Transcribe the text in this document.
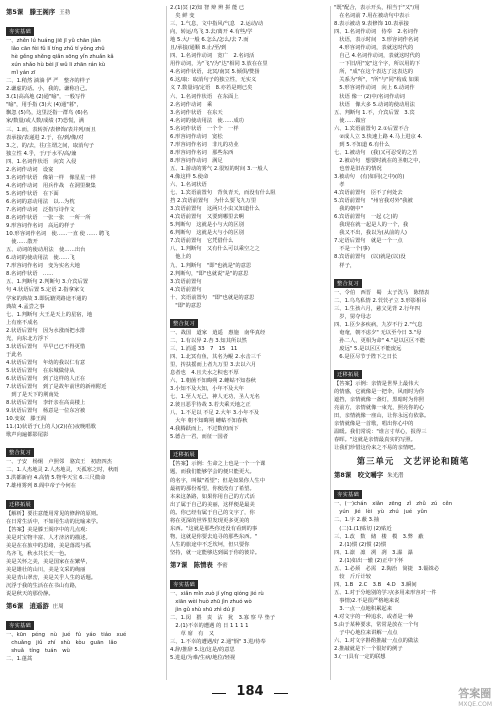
第5课　滕王阁序 王勃
夯实基础
一、zhěn lú huáng jiē jī yǔ chān jiàn
　lǎo cān fèi fǔ lí tíng zhǔ tí yǒng zhǔ
　hè gěng shěng qiǎn sōng yǐn zhuǎn kǎ
　xún shǎo hù bèi jī wǔ li zhān rán kù
　mǐ yán zī
二、1.稍然 淌淌 俨 严　整齐的样子
2.谦虚的话。小，我的。谦称自己。
3.(1)高高地 (2)通"喻"，一般写作
"喻"，用手指 (3)大 (4)通"暮"，
飘忽 (5)鸟，这里泛指一群鸟 (6)名
家/数量/或人数/成绩 (7)恐慌，满
三、1.而，表转折/表修饰/表并列/而且
表承接/表递进 2.于，在/到/像/对
3.之，的/去，往/主谓之间，取消句子
独立性 4.乎，于/于水平/高/兼
四、1.名词作状语　向宾 入侵
2.名词作动词　设宴
3.名词作状语　像第一样　像星星一样
4.名词作动词　用兵作战　在洞里聚集
5.名词作状语　在下面
6.名词的意动用法　以…为枕
7.名词作动词　泛指写诗作文
8.名词作状语　一张一张　一所一所
9.形容词作名词　高远的样子
10.形容词作名词　使……一直 使 …… 聘飞
　使……散开
五、动词的使动用法　使……出台
6.动词的使动用法　使……飞
7.形容词作名词　变为实名大地
8.名词作状语　……
五、1.判断句 2.判断句 3.介宾后置
句 4.状语后置 5.定语 2.指拿家文
学家的典故 3.即阮籍哭路途不通的
典故 4.孟尝之事
七、1.判断句 大王是天上的星宿，地
上有座不成名
2.状语后置句　因为水涨而把水排
光，向东北方浮下
3.状语后置句　早早已已不得更惜
于此名
4.状语后置句　年幼的我以仁有意
5.状语后置句　在东城做侍从
6.状语后置句　到了这样的人正在
7.状语后置句　到了是故年前世的新州附近
　到了是天下的荆南处
8.状语后置句　李轩亲在高高楼上
9.状语后置句　杨意是一位东宫被
10.变叙　滕王阁
11.(1)状语于(上的人)(2)(在)夜晚唱歌
歌声向遍都影尾影
整合复习
一、子安　杨炯　卢照邻　骆宾王　初唐四杰
二、1.人杰地灵 2.人杰地灵，天孤寒之时，秋雨
3.洪都新府 4.高情 5.物华天宝 6.三尺微命
7.雄州雾列 8.阁中帝子今何在
迁移拓展
【解析】要注意能用常见的修辞的原则。
在日常生活中，不如用生动的比喻来学。
【答案】美是滕王阁序中的几点观：
美是对宝物丰富、人才济济的描述。
美是在在旅中的思绪，美是落霞与孤
鸟齐飞，秋水共长天一色。
美是关怀之美，美是国家在在繁华，
美是雄壮的山川，美是文采的绚丽
美是青山翠峦，美是关乎人生的话题。
沉浮于我的生活在在书山有路，
说是秋天的那份静。
第6课　逍遥游 庄周
夯实基础
一、kūn　péng　nù　jué　fú　yáo　tiáo　xué
　chuǎng　jiǔ　zhí　shù　kòu　guān　lǎo
　shuǎ　tíng　tuán　wù
二、1.蓬蒿
2.(1)冥 (2)知 智 辩 辨 拼 能 已
　矣 鲜 变
三、1.气息，文中指风/气息　2.运动/动
向，转运/鸟飞 3.去/离开 4.有些/学
地 5.大/一般 6.怎么/怎么/去 7.而
且/承接/通顺 8.止/至/到
四、1.名词作动词　宽广　2.名词活
用作动词，为"飞"/为"达"相同 3.放在在里
4.名词作状语，北冥/南冥 5.倾俱/赞扬
6.这/取：取消句子的独立性，无实义
义 7.数量词/定语　8.亦若是则已矣
六、1.名词作状语　在东面上
2.名词作动词　乘
3.名词作状语　在东天
4.名词的使动用法　使……成功
5.名词作状语　一个个　一样
6.形容词作动词　宽松
7.形容词作名词　非凡的功业
8.形容词作名词　那些东西
8.形容词作动词　满足
五、1.游动的雾气 2.很短的时间 3.一般人
4.像这样 5.使命
六、1.名词状语
七、1.宾语前置句　背负青天，而没有什么阻
挡 2.宾语前置句　为什么要飞九万里
3.宾语前置句　这两只小虫又知道什么
4.宾语前置句　又要到哪里去啊
5.判断句　这就是小与大的区别
6.判断句　这就是大与小的区别
7.宾语前置句　它凭借什么
八、1.判断句　又有什么可以乘空之之
　他上的
九、1.判断句　"即"也就是"的意思
2.判断句，"即"也就说"是"的意思
3.宾语前置句
4.宾语前置句
十、宾语前置句　"即"也就是的意思
　"即"的意思
整合复习
一、战国　道家　逍遥　惠施　南华真经
二、1.有以异 2.杏 3.知其所以然
三、1.消遥 33　7　15　11
四、1.北冥有鱼，其名为鲲 2.水击三千
里，抟扶摇而上者九万里 3.去以六月
息者也　4.且夫水之积也不厚
六、1.朝菌不知晦朔 2.蟪蛄不知春秋
3.小知不及大知，小年不及大年
七、1.至人无己，神人无功，圣人无名
2.彼且恶乎待哉 3.若夫乘天地之正
八、1.不足以 不足 2.大年 3.小年不及
　大年 朝不知晦朔 蟪蛄不知春秋
4.我腾跃而上，不过数仞而下
5.德合一君，而征一国者
迁移拓展
【答案】示例：生命之上也是一个一个课
题，而我们能够学会的便只能更大。
的名字，叫做"希望"；但是如果你人生中
最初的那份希望，你便没有了希望。
本来这条路，如果你用自己的方式活
出了属于自己的美丽，这样便是最美
的。你已经有属于自己的文字了，你
将在更深的世界里发现更多更美的
东西。"这就是那些你还没有看到的事
物，这就是你要去追寻的那些东西。"
人生的旅途中不乏坎坷，但只要你
坚持，就一定能够达到属于你的彼岸。
第7课　陈情表 李密
夯实基础
一、xiǎn mǐn zuò jí yīng qióng jié rù
　xiān wèi huò zhū jìn zhuó wò
　jìn gǔ shù shū zhì dú jī
二、1.闵　猥　责　沾　犹　3.寡 察 早 垫子
　2.(1)不幸的遭遇 的 日 1 1 1 1
　　草 席　有　又
三、1.不幸的遭遇/好 2.通"悯" 3.进/侍奉
4.辞/推辞 5.这/这是/的意思
5.进退/为难/生病/地位/轻视
"既"配合，表示开头，相当于"又"/用
　在名词前 7.用在被动句中表示
8.表示被动 9.表修饰 10.表承接
四、1.名词作动词　侍奉　2.名词作
　状语，表示时间　3.形容词作名词
　4.形容词作动词，表就这时代的
　自己 4.名词作动词，表就这时代的
　一下旧/用"宠"这个字，所以用的下
　所，"成"在这个表达了这表达的
　关系为"所"，"所"与"同"构成 如果
　5.形容词作动词　向上 6.动词作
　状语 像一 (2)中/名词作动词
　状语　像大多 5.动词的使动用法
五、判断句 1.不，介宾后置　3.宾
　使……做官
六、1.宾语前置句 2.①后置不合
　②成人立 3.快速上路 4.马上进京 4.
　到 5.不知道 6.有什么
七、1.被动句　(我)又可忍受的之苦
　2.被动句　想要时就在的圣朝之中，
　也曾是旧在的情况
3.被动句　(有)如同(之中)(的)
　孝
4.宾语前置句　臣不了何处去
5.宾语前置句　"州官我对外"我被
　我的朝中"
6.宾语前置句　一起 (之)的
　我现在就一起是人的一个，我
　我又不出，我以为(从前的人)
7.定语后置句　就是一个一点
　不是一个(事)
8.宾语前置句　(以)就是(以)没
　样子，
整合复习
一、令伯　西晋　蜀　太子洗马　陈情表
二、1.乌鸟私情 2.茕茕孑立 3.形影相吊
三、1.生孩六月，慈父见背 2.行年四
　岁，舅夺母志
四、1.臣少多疾病，九岁不行 2."气息
　奄奄，朝不虑夕" 无以至今日 3."母
　孙二人，更相为命" 4."是以区区不能
　废远" 5.是以区区不能废远
　6.是臣尽节于陛下之日长
迁移拓展
【答案】示例：亲情是世界上最伟大
的情感，它就像是一把伞，风雨时为你
遮挡，亲情就像一盏灯，黑暗时为你照
亮前方，亲情就像一束光，照亮你的心
田，亲情就像一座山，让你永远有依靠。
亲情就像是一首歌，唱出你心中的
温暖。我们常说："谁言寸草心，报得三
春晖。"这就是亲情最真实的写照。
让我们珍惜这份来之不易的亲情吧。
第三单元　文艺评论和随笔
第8课　咬文嚼字 朱光潜
夯实基础
一、(一)chán　xiǎn　zēng　zǐ　zhǔ　zú　cěn
　yún　jié　lèi　yù　zhú　jué　yǔn
二、1.字 2.蔽 3.抽
　(二)1.(1)贴切 (2)贴近
三、1.改　数　储　楼　模　3.弊　蔽
　2.(1)惯 (2)惯 (2)惯
四、1.凛　凛　冽　冽　3.瀑　瀑
　2.(1)如出一辙 (2)正中下怀
五、1.必须　必需　2.陶治　简捷　3.锱铢必
　较　斤斤计较
四、1.B　2.C　3.B　4.D　3.瞬间
五、1.对于分地别的学习(多用来形容对一件
　事情)2.不是很严格地来说
　3.一点一点地积累起来
4.对文字的一种追求，或者是一种
5.由于某种要求，常常是放在一个句
　子中心地位来讲解一点点
六、1.对文字斟酌推敲一点点的做法
2.推敲就是下一个很好的例子
3.(一)具有一定的联想
184	答案圈
MXQE.COM
